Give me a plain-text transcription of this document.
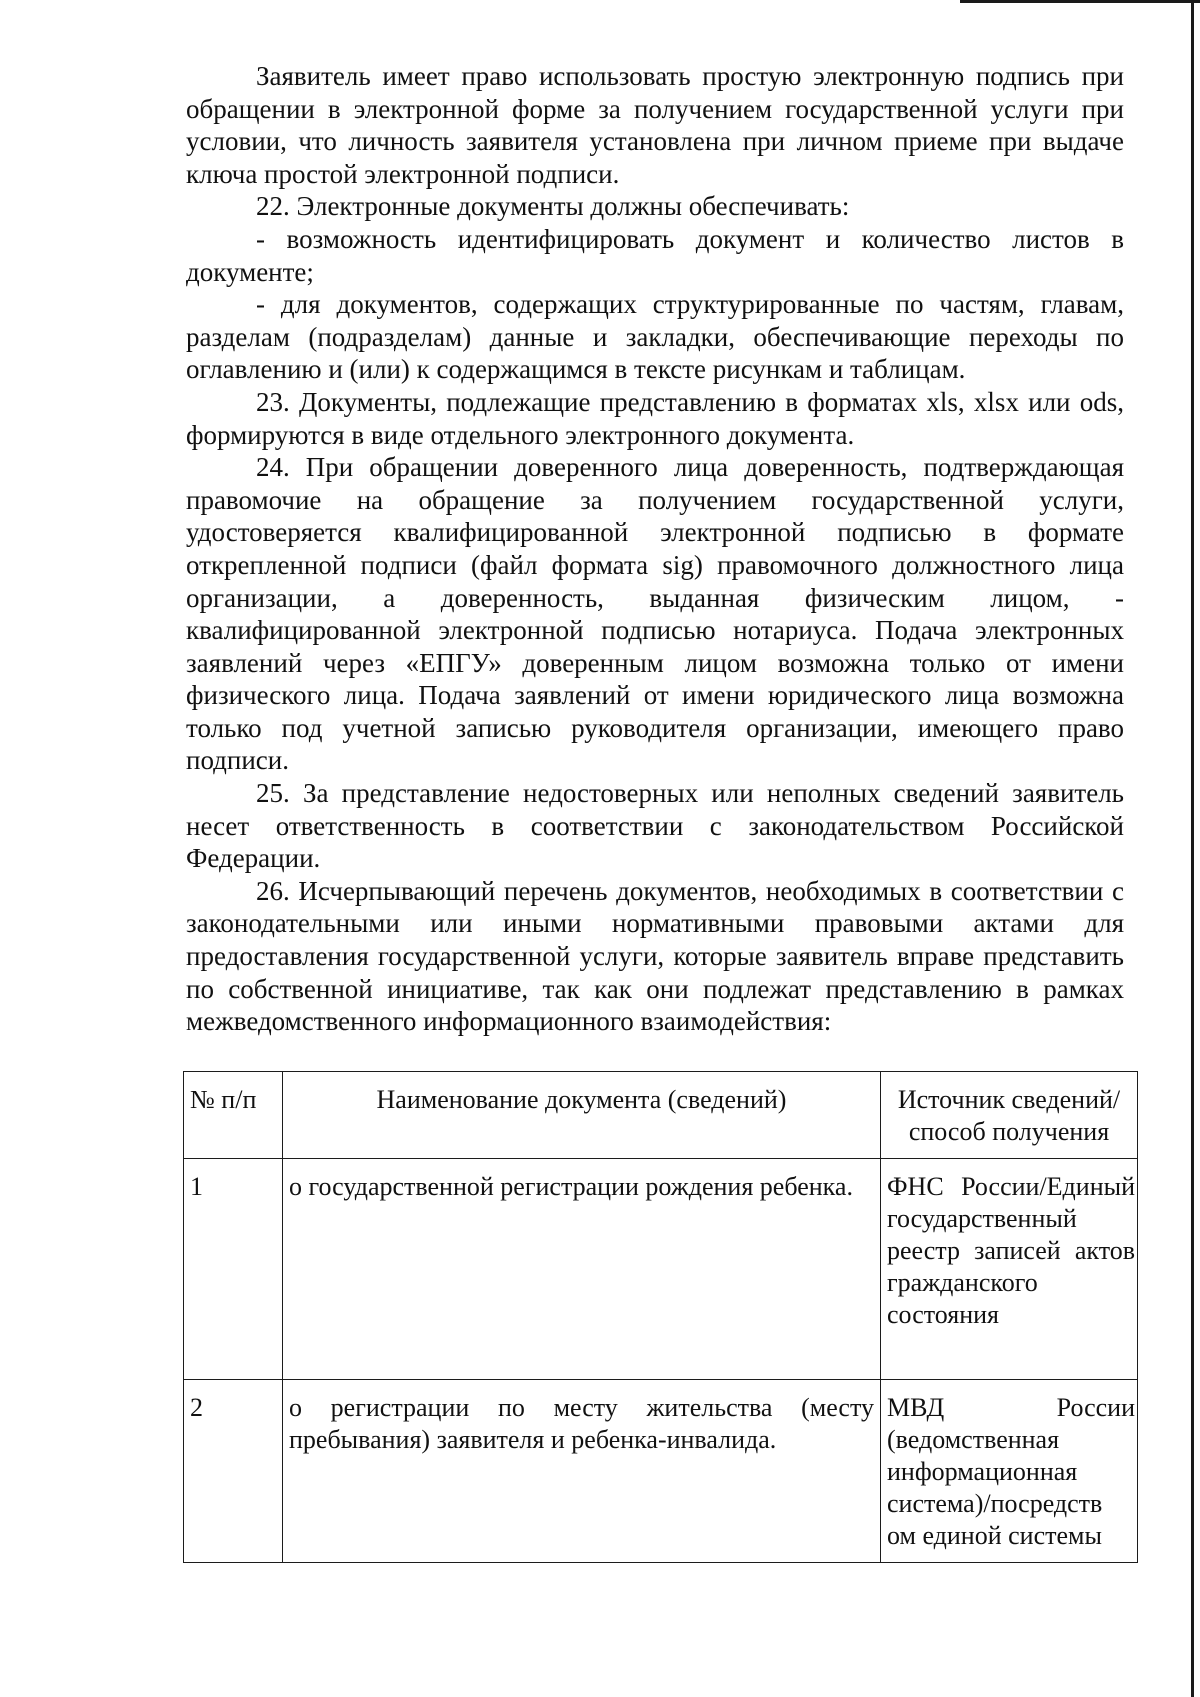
Заявитель имеет право использовать простую электронную подпись при обращении в электронной форме за получением государственной услуги при условии, что личность заявителя установлена при личном приеме при выдаче ключа простой электронной подписи.

22. Электронные документы должны обеспечивать:

- возможность идентифицировать документ и количество листов в документе;

- для документов, содержащих структурированные по частям, главам, разделам (подразделам) данные и закладки, обеспечивающие переходы по оглавлению и (или) к содержащимся в тексте рисункам и таблицам.

23. Документы, подлежащие представлению в форматах xls, xlsx или ods, формируются в виде отдельного электронного документа.

24. При обращении доверенного лица доверенность, подтверждающая правомочие на обращение за получением государственной услуги, удостоверяется квалифицированной электронной подписью в формате открепленной подписи (файл формата sig) правомочного должностного лица организации, а доверенность, выданная физическим лицом, - квалифицированной электронной подписью нотариуса. Подача электронных заявлений через «ЕПГУ» доверенным лицом возможна только от имени физического лица. Подача заявлений от имени юридического лица возможна только под учетной записью руководителя организации, имеющего право подписи.

25. За представление недостоверных или неполных сведений заявитель несет ответственность в соответствии с законодательством Российской Федерации.

26. Исчерпывающий перечень документов, необходимых в соответствии с законодательными или иными нормативными правовыми актами для предоставления государственной услуги, которые заявитель вправе представить по собственной инициативе, так как они подлежат представлению в рамках межведомственного информационного взаимодействия:

№ п/п	Наименование документа (сведений)	Источник сведений/способ получения
1	о государственной регистрации рождения ребенка.	ФНС России/Единый государственный реестр записей актов гражданского состояния
2	о регистрации по месту жительства (месту пребывания) заявителя и ребенка-инвалида.	МВД России (ведомственная информационная система)/посредств ом единой системы
